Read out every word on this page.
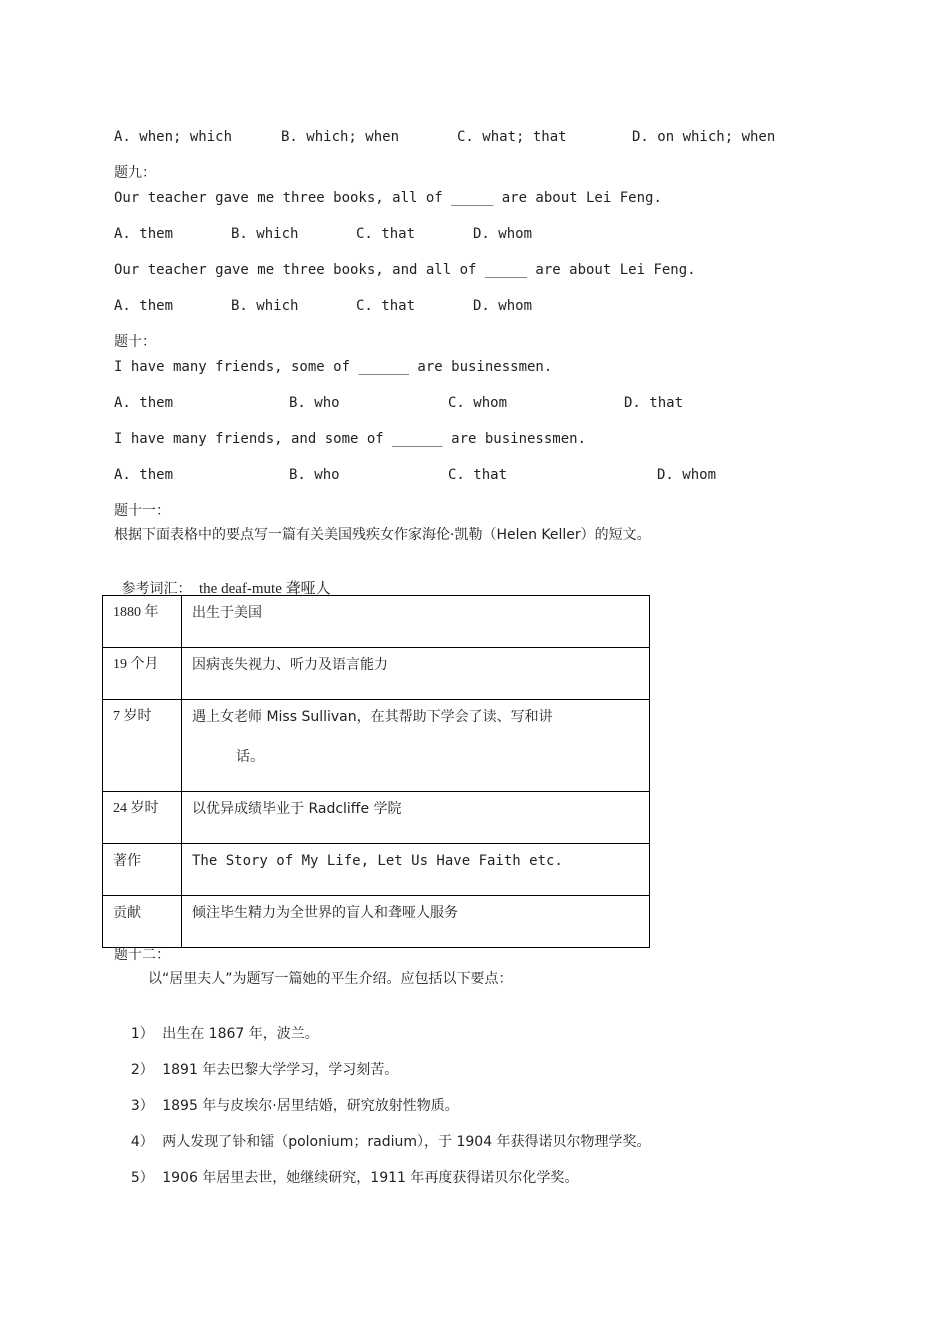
A. when; which	B. which; when	C. what; that	D. on which; when
题九：
Our teacher gave me three books, all of _____ are about Lei Feng.
A. them	B. which	C. that	D. whom
Our teacher gave me three books, and all of _____ are about Lei Feng.
A. them	B. which	C. that	D. whom
题十：
I have many friends, some of ______ are businessmen.
A. them	B. who	C. whom	D. that
I have many friends, and some of ______ are businessmen.
A. them	B. who	C. that	D. whom
题十一：
根据下面表格中的要点写一篇有关美国残疾女作家海伦·凯勒（Helen Keller）的短文。

参考词汇： the deaf-mute 聋哑人

1880 年	出生于美国
19 个月	因病丧失视力、听力及语言能力
7 岁时	遇上女老师 Miss Sullivan，在其帮助下学会了读、写和讲
话。

24 岁时	以优异成绩毕业于 Radcliffe 学院
著作	The Story of My Life, Let Us Have Faith etc.
贡献	倾注毕生精力为全世界的盲人和聋哑人服务
题十二：
以“居里夫人”为题写一篇她的平生介绍。应包括以下要点：

1） 出生在 1867 年，波兰。

2） 1891 年去巴黎大学学习，学习刻苦。

3） 1895 年与皮埃尔·居里结婚，研究放射性物质。

4） 两人发现了钋和镭（polonium；radium），于 1904 年获得诺贝尔物理学奖。

5） 1906 年居里去世，她继续研究，1911 年再度获得诺贝尔化学奖。
